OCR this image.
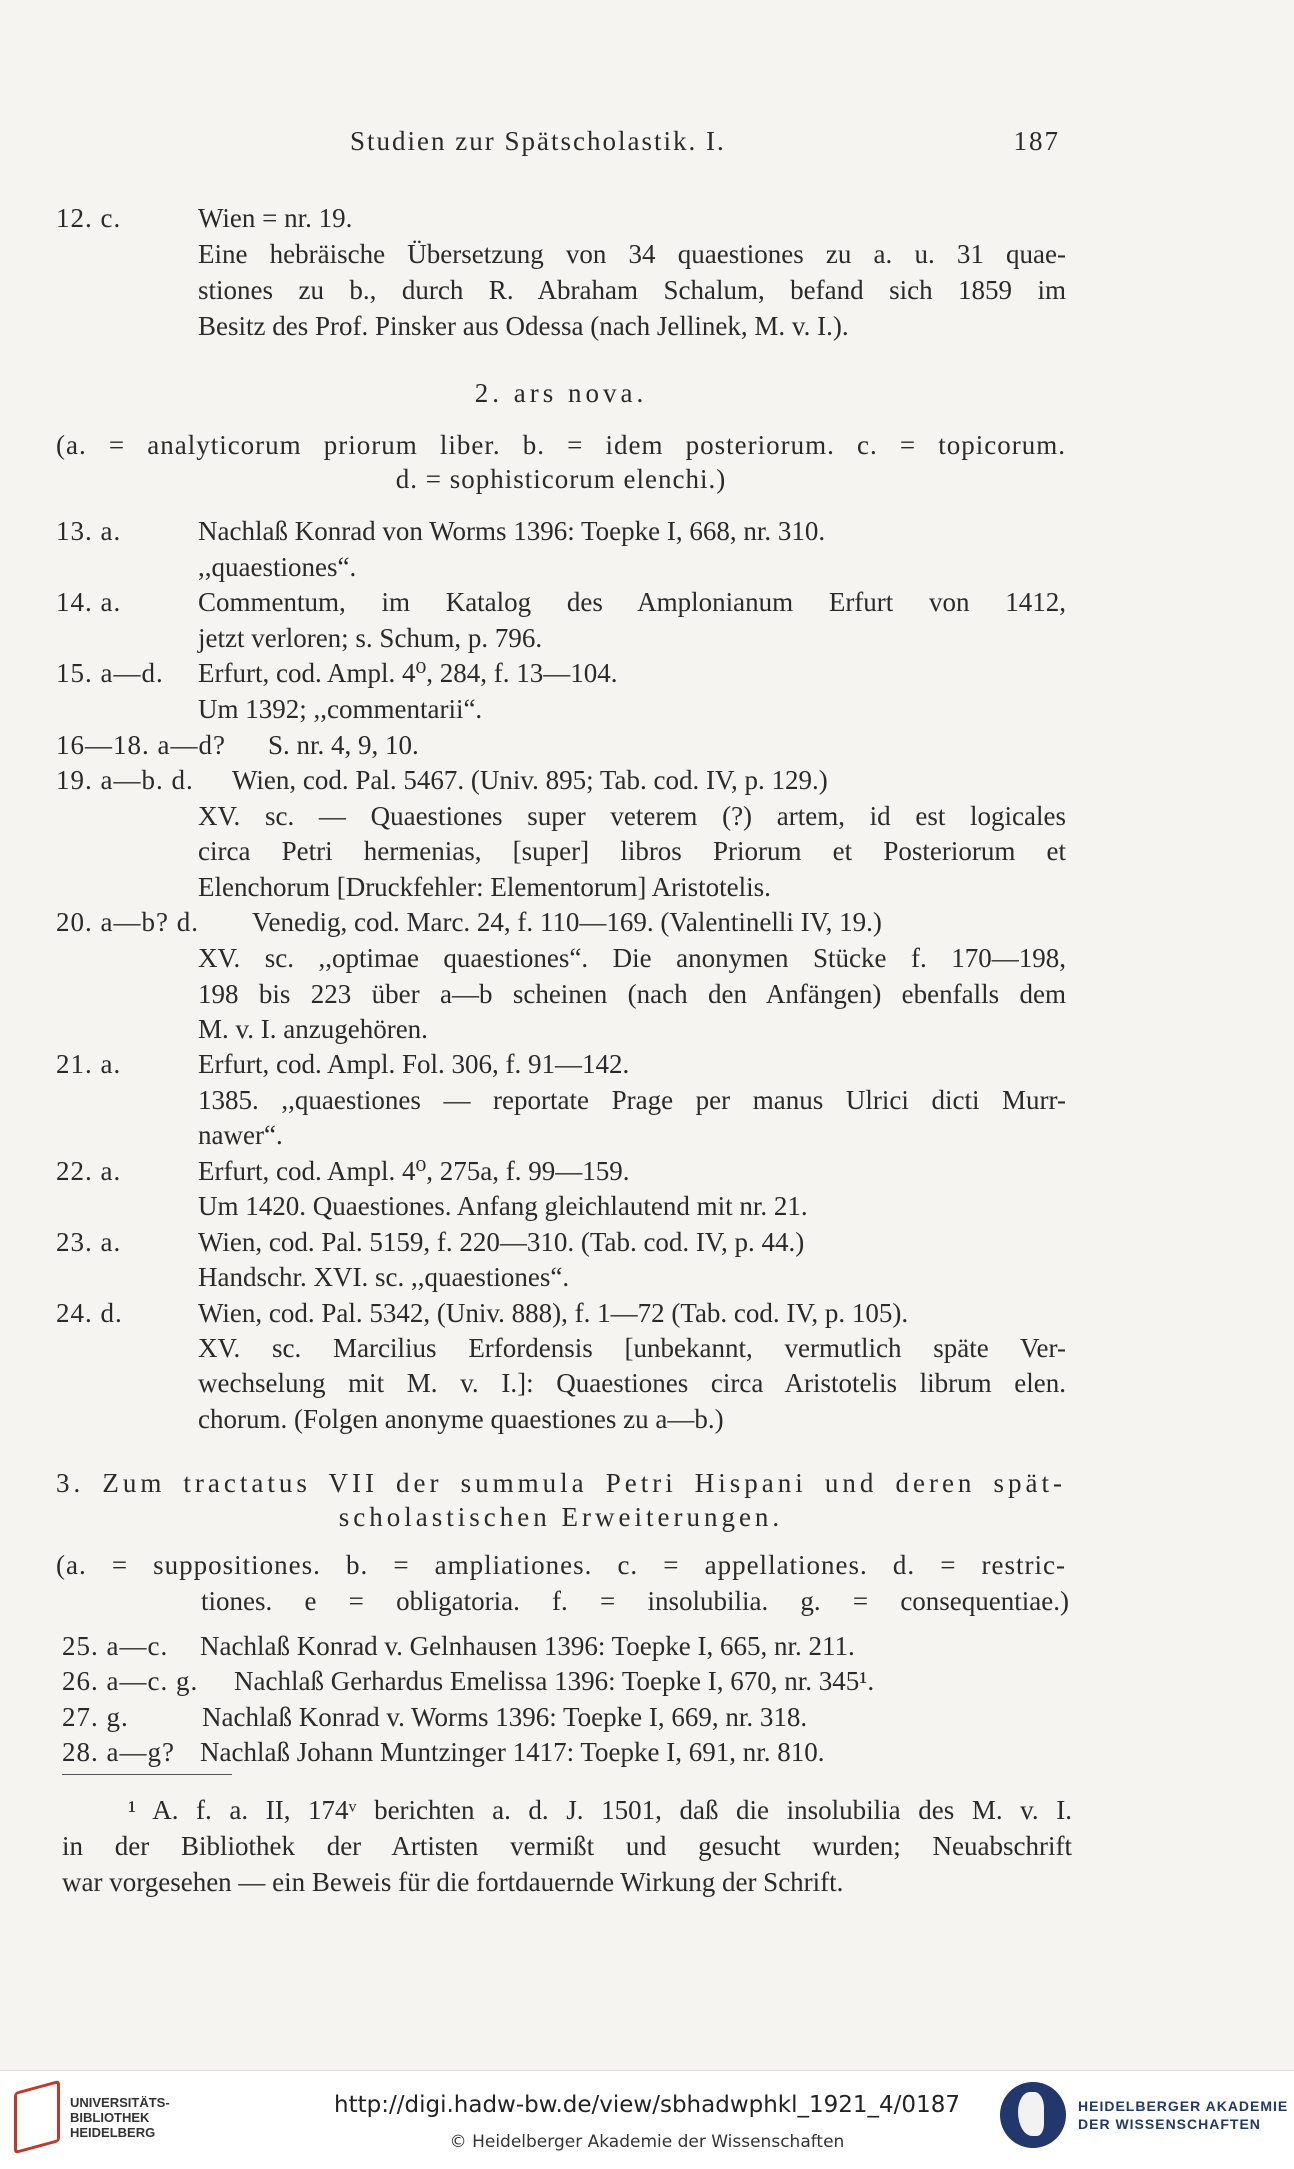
Studien zur Spätscholastik. I.	187
12. c.	Wien = nr. 19.
Eine hebräische Übersetzung von 34 quaestiones zu a. u. 31 quae-
stiones zu b., durch R. Abraham Schalum, befand sich 1859 im
Besitz des Prof. Pinsker aus Odessa (nach Jellinek, M. v. I.).
2. ars nova.
(a. = analyticorum priorum liber. b. = idem posteriorum. c. = topicorum.
d. = sophisticorum elenchi.)
13. a.	Nachlaß Konrad von Worms 1396: Toepke I, 668, nr. 310.
,,quaestiones“.
14. a.	Commentum, im Katalog des Amplonianum Erfurt von 1412,
jetzt verloren; s. Schum, p. 796.
15. a—d. Erfurt, cod. Ampl. 4⁰, 284, f. 13—104.
Um 1392; ,,commentarii“.
16—18. a—d? S. nr. 4, 9, 10.
19. a—b. d. Wien, cod. Pal. 5467. (Univ. 895; Tab. cod. IV, p. 129.)
XV. sc. — Quaestiones super veterem (?) artem, id est logicales
circa Petri hermenias, [super] libros Priorum et Posteriorum et
Elenchorum [Druckfehler: Elementorum] Aristotelis.
20. a—b? d. Venedig, cod. Marc. 24, f. 110—169. (Valentinelli IV, 19.)
XV. sc. ,,optimae quaestiones“. Die anonymen Stücke f. 170—198,
198 bis 223 über a—b scheinen (nach den Anfängen) ebenfalls dem
M. v. I. anzugehören.
21. a.	Erfurt, cod. Ampl. Fol. 306, f. 91—142.
1385. ,,quaestiones — reportate Prage per manus Ulrici dicti Murr-
nawer“.
22. a.	Erfurt, cod. Ampl. 4⁰, 275a, f. 99—159.
Um 1420. Quaestiones. Anfang gleichlautend mit nr. 21.
23. a.	Wien, cod. Pal. 5159, f. 220—310. (Tab. cod. IV, p. 44.)
Handschr. XVI. sc. ,,quaestiones“.
24. d.	Wien, cod. Pal. 5342, (Univ. 888), f. 1—72 (Tab. cod. IV, p. 105).
XV. sc. Marcilius Erfordensis [unbekannt, vermutlich späte Ver-
wechselung mit M. v. I.]: Quaestiones circa Aristotelis librum elen.
chorum. (Folgen anonyme quaestiones zu a—b.)
3. Zum tractatus VII der summula Petri Hispani und deren spät-
scholastischen Erweiterungen.
(a. = suppositiones. b. = ampliationes. c. = appellationes. d. = restric-
tiones. e = obligatoria. f. = insolubilia. g. = consequentiae.)
25. a—c. Nachlaß Konrad v. Gelnhausen 1396: Toepke I, 665, nr. 211.
26. a—c. g. Nachlaß Gerhardus Emelissa 1396: Toepke I, 670, nr. 345¹.
27. g.	Nachlaß Konrad v. Worms 1396: Toepke I, 669, nr. 318.
28. a—g? Nachlaß Johann Muntzinger 1417: Toepke I, 691, nr. 810.
¹ A. f. a. II, 174ᵛ berichten a. d. J. 1501, daß die insolubilia des M. v. I.
in der Bibliothek der Artisten vermißt und gesucht wurden; Neuabschrift
war vorgesehen — ein Beweis für die fortdauernde Wirkung der Schrift.
UNIVERSITÄTS-
BIBLIOTHEK
HEIDELBERG
http://digi.hadw-bw.de/view/sbhadwphkl_1921_4/0187
© Heidelberger Akademie der Wissenschaften
HEIDELBERGER AKADEMIE
DER WISSENSCHAFTEN
